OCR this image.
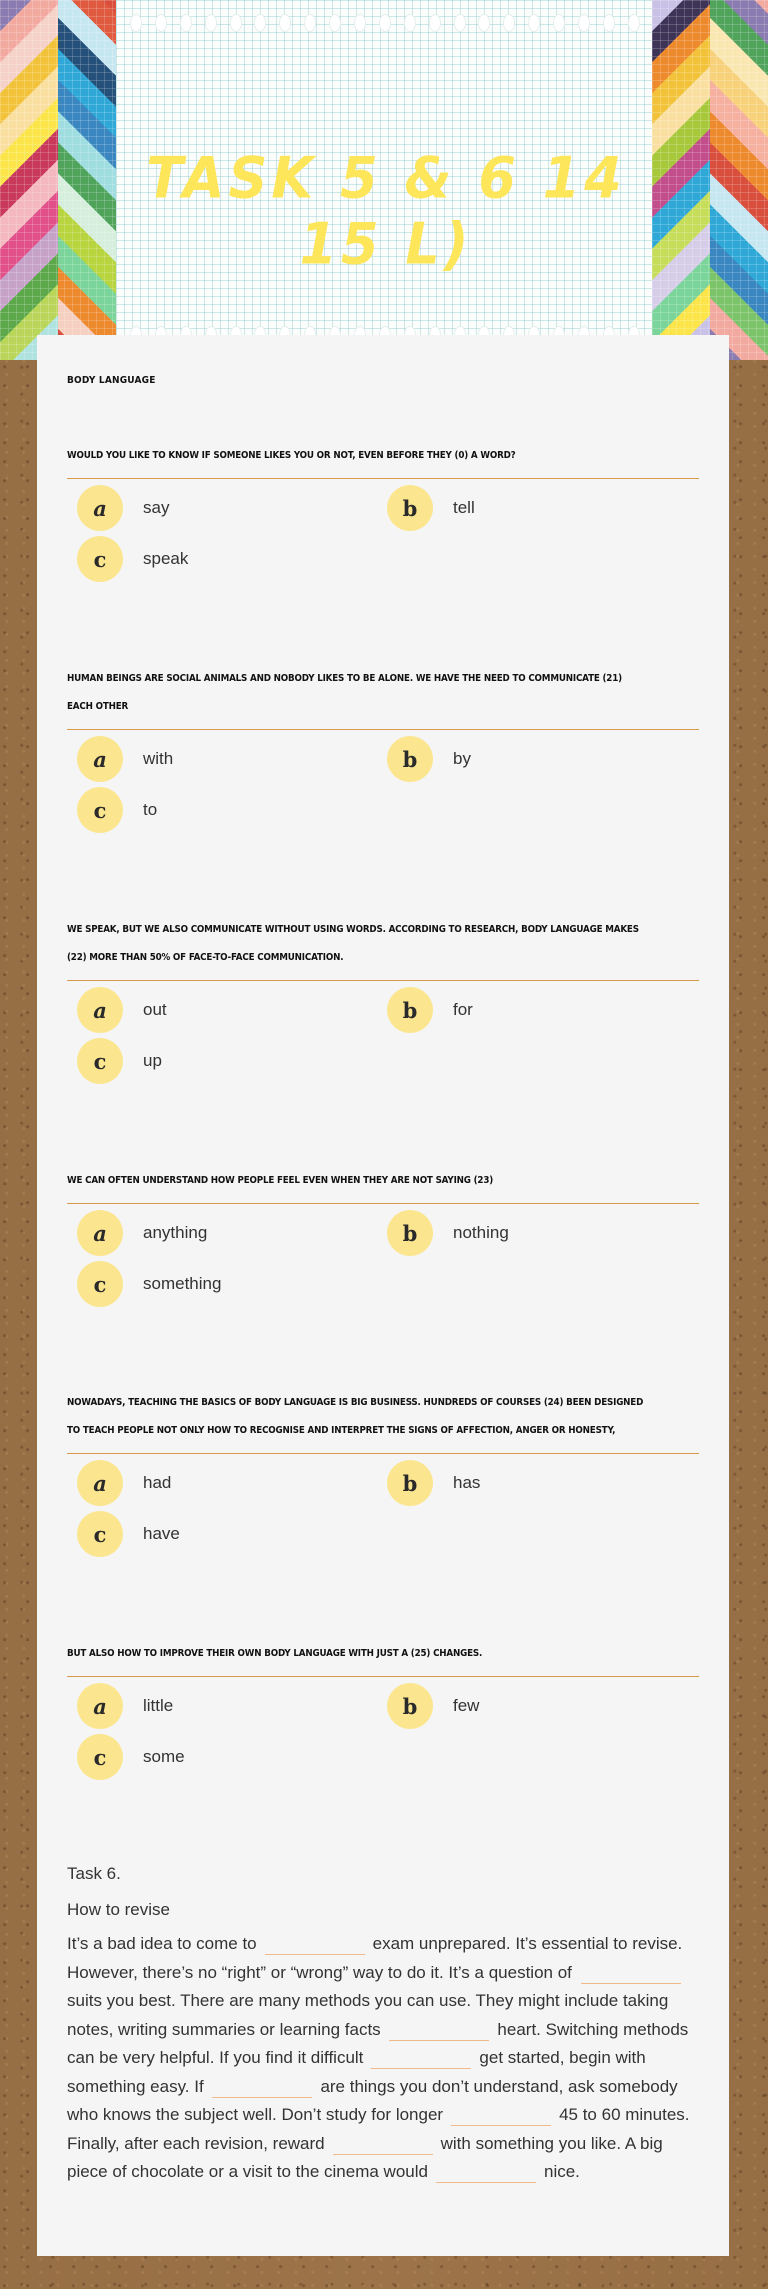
TASK 5 & 6 14 15 L)
BODY LANGUAGE
WOULD YOU LIKE TO KNOW IF SOMEONE LIKES YOU OR NOT, EVEN BEFORE THEY (0) A WORD?
a	say	b	tell
c	speak
HUMAN BEINGS ARE SOCIAL ANIMALS AND NOBODY LIKES TO BE ALONE. WE HAVE THE NEED TO COMMUNICATE (21) EACH OTHER
a	with	b	by
c	to
WE SPEAK, BUT WE ALSO COMMUNICATE WITHOUT USING WORDS. ACCORDING TO RESEARCH, BODY LANGUAGE MAKES (22) MORE THAN 50% OF FACE-TO-FACE COMMUNICATION.
a	out	b	for
c	up
WE CAN OFTEN UNDERSTAND HOW PEOPLE FEEL EVEN WHEN THEY ARE NOT SAYING (23)
a	anything	b	nothing
c	something
NOWADAYS, TEACHING THE BASICS OF BODY LANGUAGE IS BIG BUSINESS. HUNDREDS OF COURSES (24) BEEN DESIGNED TO TEACH PEOPLE NOT ONLY HOW TO RECOGNISE AND INTERPRET THE SIGNS OF AFFECTION, ANGER OR HONESTY,
a	had	b	has
c	have
BUT ALSO HOW TO IMPROVE THEIR OWN BODY LANGUAGE WITH JUST A (25) CHANGES.
a	little	b	few
c	some
Task 6.
How to revise
It’s a bad idea to come to	exam unprepared. It’s essential to revise. However, there’s no “right” or “wrong” way to do it. It’s a question of suits you best. There are many methods you can use. They might include taking notes, writing summaries or learning facts	heart. Switching methods can be very helpful. If you find it difficult	get started, begin with something easy. If	are things you don’t understand, ask somebody who knows the subject well. Don’t study for longer	45 to 60 minutes. Finally, after each revision, reward	with something you like. A big piece of chocolate or a visit to the cinema would	nice.
